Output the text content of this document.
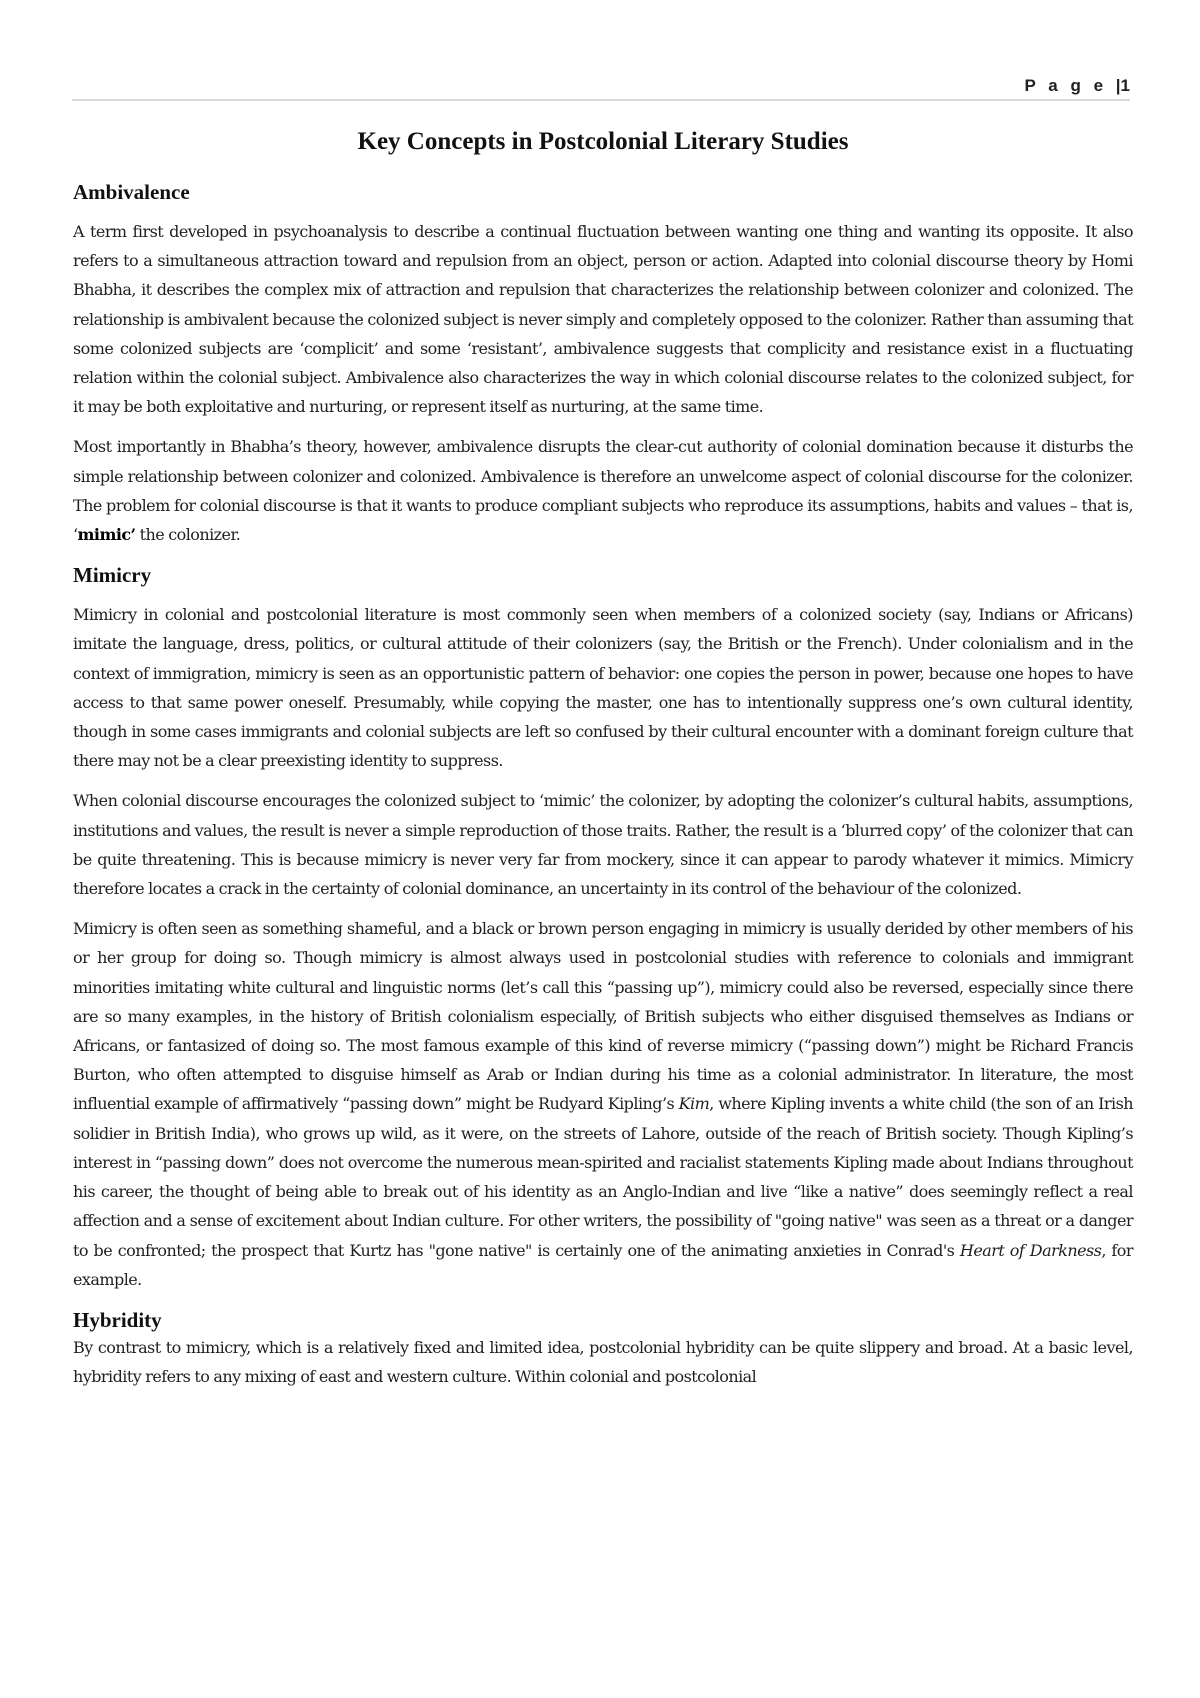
P a g e |1
Key Concepts in Postcolonial Literary Studies
Ambivalence

A term first developed in psychoanalysis to describe a continual fluctuation between wanting one thing and wanting its opposite. It also refers to a simultaneous attraction toward and repulsion from an object, person or action. Adapted into colonial discourse theory by Homi Bhabha, it describes the complex mix of attraction and repulsion that characterizes the relationship between colonizer and colonized. The relationship is ambivalent because the colonized subject is never simply and completely opposed to the colonizer. Rather than assuming that some colonized subjects are ‘complicit’ and some ‘resistant’, ambivalence suggests that complicity and resistance exist in a fluctuating relation within the colonial subject. Ambivalence also characterizes the way in which colonial discourse relates to the colonized subject, for it may be both exploitative and nurturing, or represent itself as nurturing, at the same time.

Most importantly in Bhabha’s theory, however, ambivalence disrupts the clear-cut authority of colonial domination because it disturbs the simple relationship between colonizer and colonized. Ambivalence is therefore an unwelcome aspect of colonial discourse for the colonizer. The problem for colonial discourse is that it wants to produce compliant subjects who reproduce its assumptions, habits and values – that is, ‘mimic’ the colonizer.

Mimicry

Mimicry in colonial and postcolonial literature is most commonly seen when members of a colonized society (say, Indians or Africans) imitate the language, dress, politics, or cultural attitude of their colonizers (say, the British or the French). Under colonialism and in the context of immigration, mimicry is seen as an opportunistic pattern of behavior: one copies the person in power, because one hopes to have access to that same power oneself. Presumably, while copying the master, one has to intentionally suppress one’s own cultural identity, though in some cases immigrants and colonial subjects are left so confused by their cultural encounter with a dominant foreign culture that there may not be a clear preexisting identity to suppress.

When colonial discourse encourages the colonized subject to ‘mimic’ the colonizer, by adopting the colonizer’s cultural habits, assumptions, institutions and values, the result is never a simple reproduction of those traits. Rather, the result is a ‘blurred copy’ of the colonizer that can be quite threatening. This is because mimicry is never very far from mockery, since it can appear to parody whatever it mimics. Mimicry therefore locates a crack in the certainty of colonial dominance, an uncertainty in its control of the behaviour of the colonized.

Mimicry is often seen as something shameful, and a black or brown person engaging in mimicry is usually derided by other members of his or her group for doing so. Though mimicry is almost always used in postcolonial studies with reference to colonials and immigrant minorities imitating white cultural and linguistic norms (let’s call this “passing up”), mimicry could also be reversed, especially since there are so many examples, in the history of British colonialism especially, of British subjects who either disguised themselves as Indians or Africans, or fantasized of doing so. The most famous example of this kind of reverse mimicry (“passing down”) might be Richard Francis Burton, who often attempted to disguise himself as Arab or Indian during his time as a colonial administrator. In literature, the most influential example of affirmatively “passing down” might be Rudyard Kipling’s Kim, where Kipling invents a white child (the son of an Irish solidier in British India), who grows up wild, as it were, on the streets of Lahore, outside of the reach of British society. Though Kipling’s interest in “passing down” does not overcome the numerous mean-spirited and racialist statements Kipling made about Indians throughout his career, the thought of being able to break out of his identity as an Anglo-Indian and live “like a native” does seemingly reflect a real affection and a sense of excitement about Indian culture. For other writers, the possibility of "going native" was seen as a threat or a danger to be confronted; the prospect that Kurtz has "gone native" is certainly one of the animating anxieties in Conrad's Heart of Darkness, for example.

Hybridity

By contrast to mimicry, which is a relatively fixed and limited idea, postcolonial hybridity can be quite slippery and broad. At a basic level, hybridity refers to any mixing of east and western culture. Within colonial and postcolonial
